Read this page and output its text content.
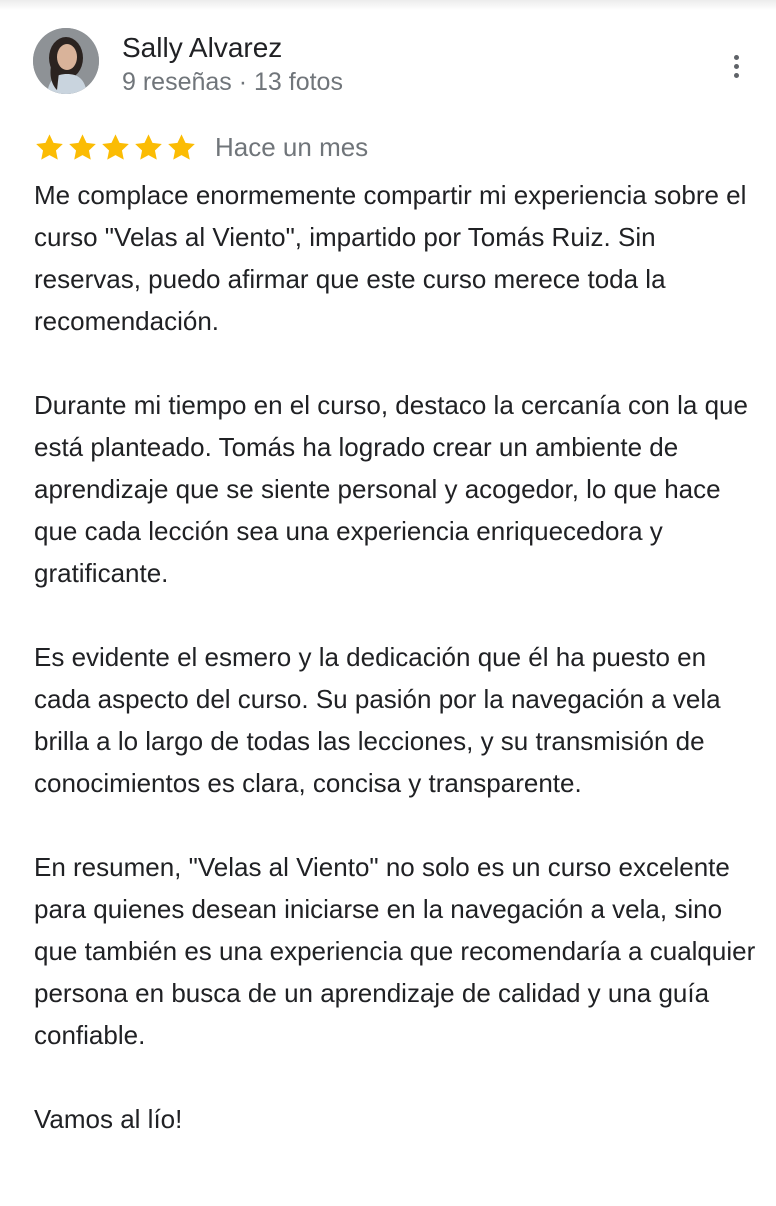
Sally Alvarez
9 reseñas · 13 fotos
Hace un mes

Me complace enormemente compartir mi experiencia sobre el curso "Velas al Viento", impartido por Tomás Ruiz. Sin reservas, puedo afirmar que este curso merece toda la recomendación.

Durante mi tiempo en el curso, destaco la cercanía con la que está planteado. Tomás ha logrado crear un ambiente de aprendizaje que se siente personal y acogedor, lo que hace que cada lección sea una experiencia enriquecedora y gratificante.

Es evidente el esmero y la dedicación que él ha puesto en cada aspecto del curso. Su pasión por la navegación a vela brilla a lo largo de todas las lecciones, y su transmisión de conocimientos es clara, concisa y transparente.

En resumen, "Velas al Viento" no solo es un curso excelente para quienes desean iniciarse en la navegación a vela, sino que también es una experiencia que recomendaría a cualquier persona en busca de un aprendizaje de calidad y una guía confiable.

Vamos al lío!
